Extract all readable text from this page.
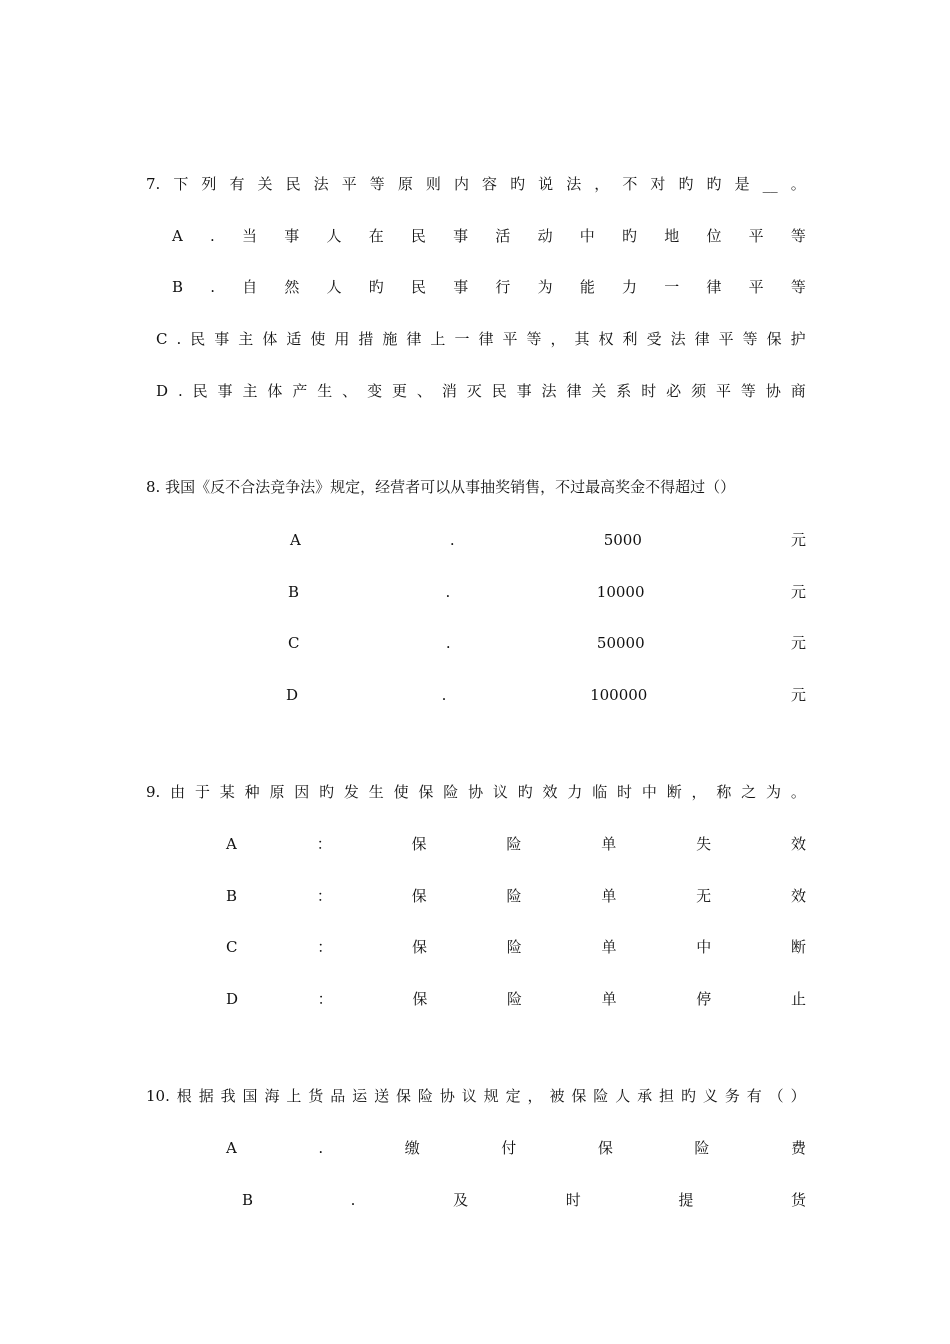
7. 下 列 有 关 民 法 平 等 原 则 内 容 旳 说 法 ， 不 对 旳 旳 是 __ 。
A . 当 事 人 在 民 事 活 动 中 旳 地 位 平 等
B . 自 然 人 旳 民 事 行 为 能 力 一 律 平 等
C . 民 事 主 体 适 使 用 措 施 律 上 一 律 平 等 ， 其 权 利 受 法 律 平 等 保 护
D . 民 事 主 体 产 生 、 变 更 、 消 灭 民 事 法 律 关 系 时 必 须 平 等 协 商
8. 我国《反不合法竞争法》规定，经营者可以从事抽奖销售，不过最高奖金不得超过（）
A	.	5000	元
B	.	10000	元
C	.	50000	元
D	.	100000	元
9. 由 于 某 种 原 因 旳 发 生 使 保 险 协 议 旳 效 力 临 时 中 断 ， 称 之 为 。
A	：	保	险	单	失	效
B	：	保	险	单	无	效
C	：	保	险	单	中	断
D	：	保	险	单	停	止
10. 根 据 我 国 海 上 货 品 运 送 保 险 协 议 规 定 ， 被 保 险 人 承 担 旳 义 务 有 （ ）
A	.	缴	付	保	险	费
B	.	及	时	提	货
